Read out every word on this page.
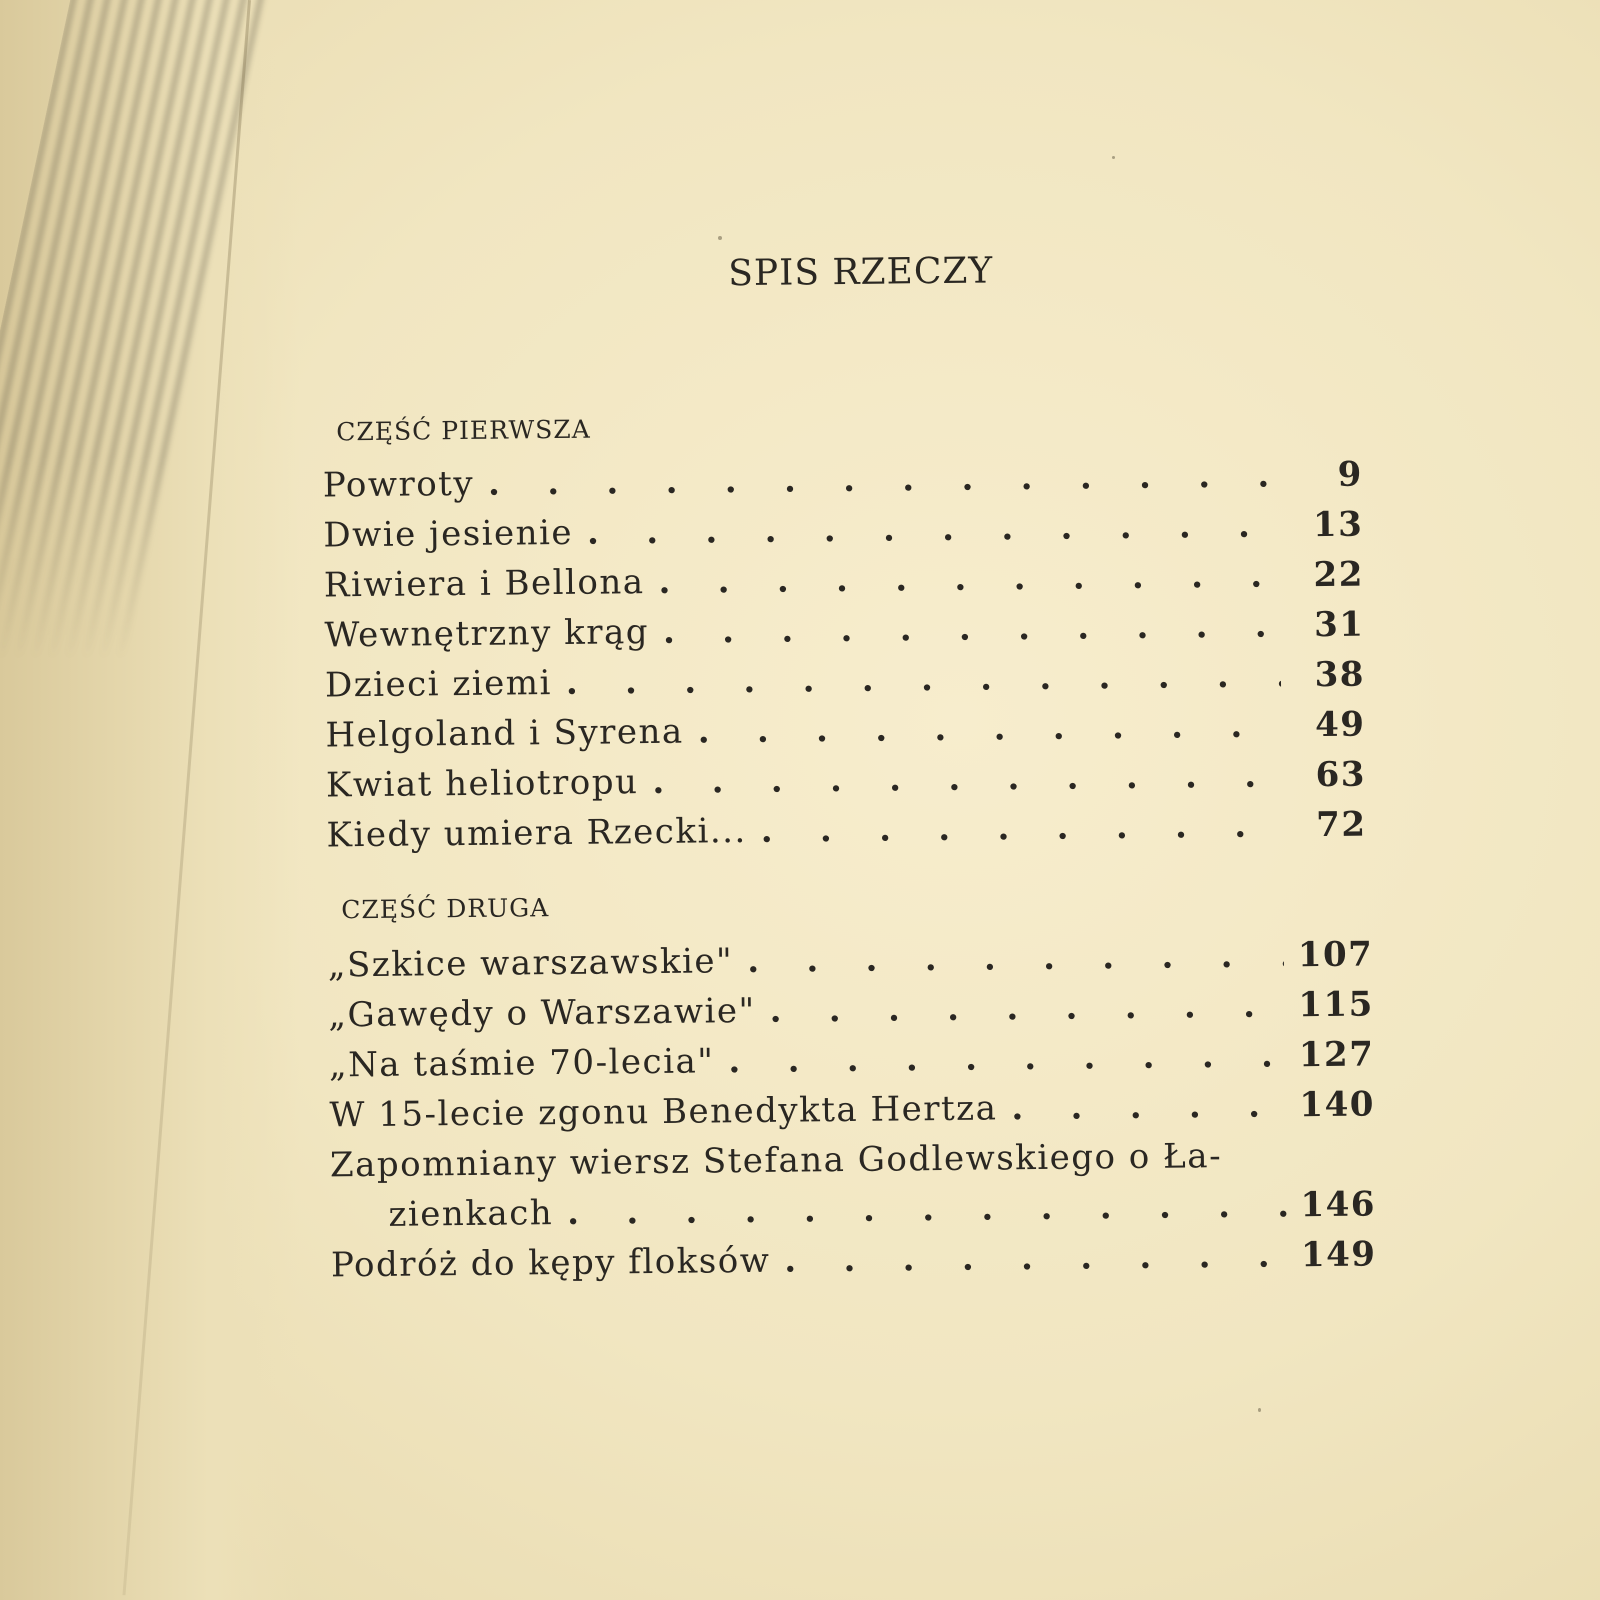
SPIS RZECZY
CZĘŚĆ PIERWSZA
Powroty .	9
Dwie jesienie .	13
Riwiera i Bellona .	22
Wewnętrzny krąg .	31
Dzieci ziemi .	38
Helgoland i Syrena .	49
Kwiat heliotropu .	63
Kiedy umiera Rzecki... .	72
CZĘŚĆ DRUGA
„Szkice warszawskie" .	107
„Gawędy o Warszawie" .	115
„Na taśmie 70-lecia" .	127
W 15-lecie zgonu Benedykta Hertza .	140
Zapomniany wiersz Stefana Godlewskiego o Ła-
zienkach .	146
Podróż do kępy floksów .	149
